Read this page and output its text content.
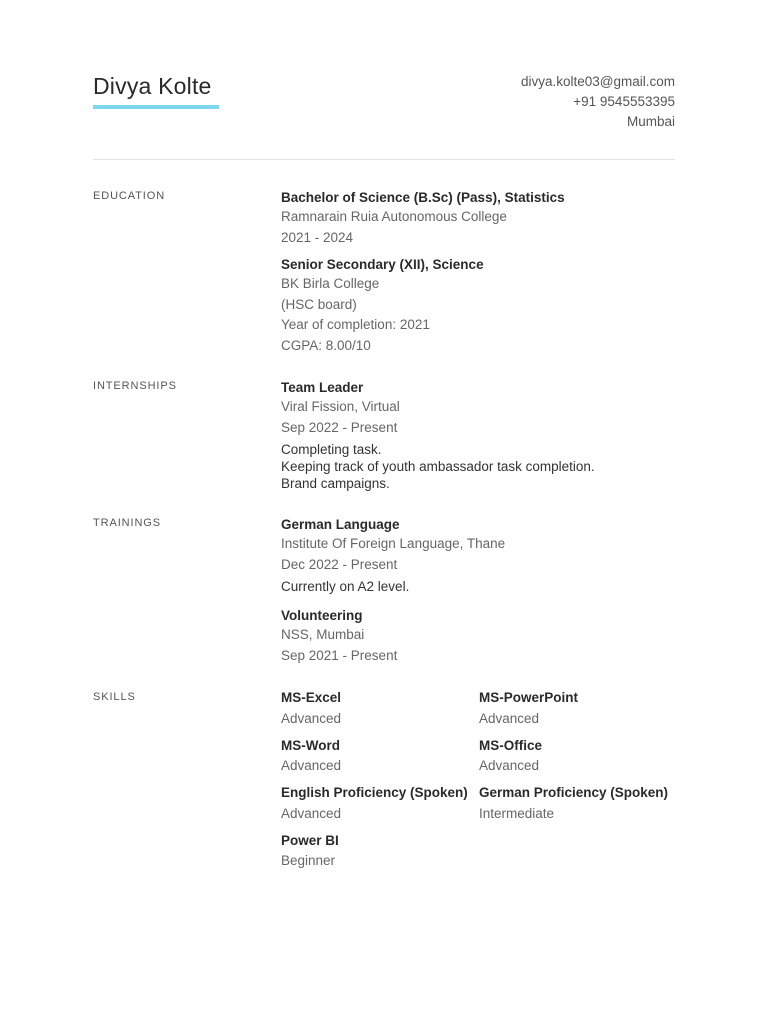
Divya Kolte	divya.kolte03@gmail.com
+91 9545553395
Mumbai
EDUCATION	Bachelor of Science (B.Sc) (Pass), Statistics
Ramnarain Ruia Autonomous College
2021 - 2024
Senior Secondary (XII), Science
BK Birla College
(HSC board)
Year of completion: 2021
CGPA: 8.00/10
INTERNSHIPS	Team Leader
Viral Fission, Virtual
Sep 2022 - Present
Completing task.
Keeping track of youth ambassador task completion.
Brand campaigns.
TRAININGS	German Language
Institute Of Foreign Language, Thane
Dec 2022 - Present
Currently on A2 level.
Volunteering
NSS, Mumbai
Sep 2021 - Present
SKILLS	MS-Excel
Advanced
MS-PowerPoint
Advanced
MS-Word
Advanced
MS-Office
Advanced
English Proficiency (Spoken)
Advanced
German Proficiency (Spoken)
Intermediate
Power BI
Beginner
